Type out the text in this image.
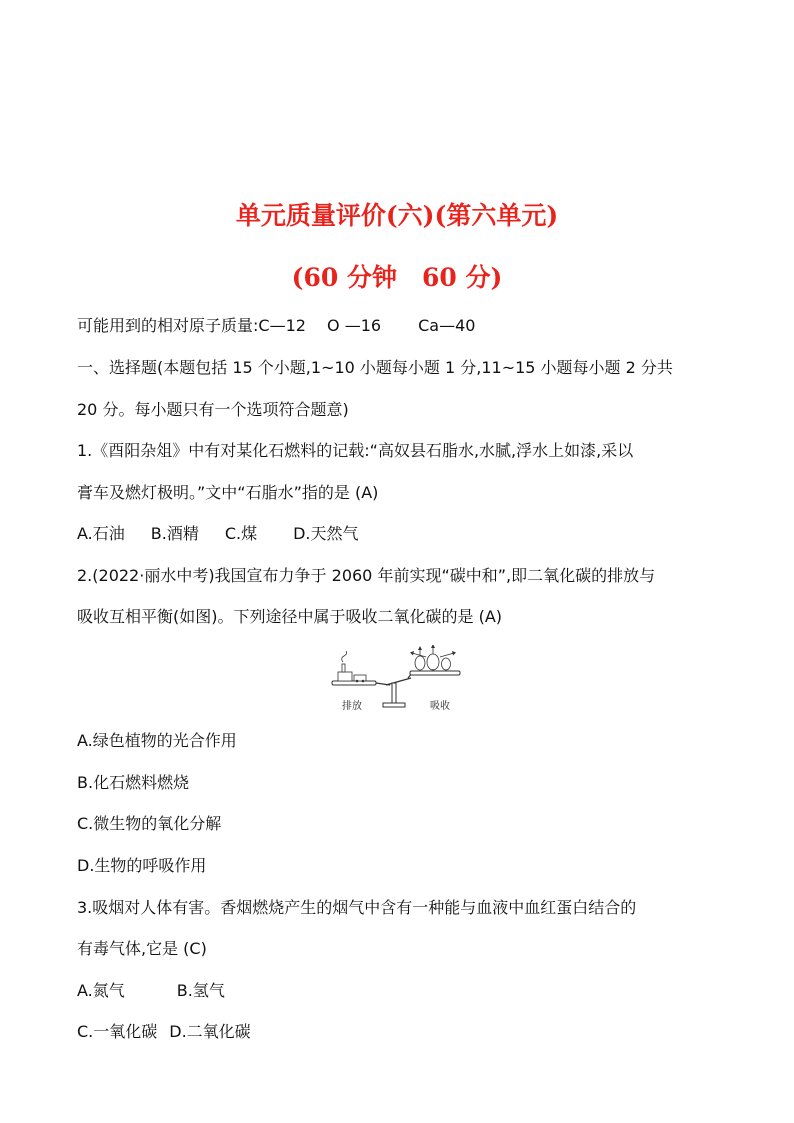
单元质量评价(六)(第六单元)
(60 分钟　60 分)
可能用到的相对原子质量:C—12　 O —16　　 Ca—40
一、选择题(本题包括 15 个小题,1~10 小题每小题 1 分,11~15 小题每小题 2 分共
20 分。每小题只有一个选项符合题意)
1.《酉阳杂俎》中有对某化石燃料的记载:“高奴县石脂水,水腻,浮水上如漆,采以
膏车及燃灯极明。”文中“石脂水”指的是 (A)
A.石油 B.酒精 C.煤 D.天然气
2.(2022·丽水中考)我国宣布力争于 2060 年前实现“碳中和”,即二氧化碳的排放与
吸收互相平衡(如图)。下列途径中属于吸收二氧化碳的是 (A)
排放	吸收
A.绿色植物的光合作用
B.化石燃料燃烧
C.微生物的氧化分解
D.生物的呼吸作用
3.吸烟对人体有害。香烟燃烧产生的烟气中含有一种能与血液中血红蛋白结合的
有毒气体,它是 (C)
A.氮气	B.氢气
C.一氧化碳 D.二氧化碳
